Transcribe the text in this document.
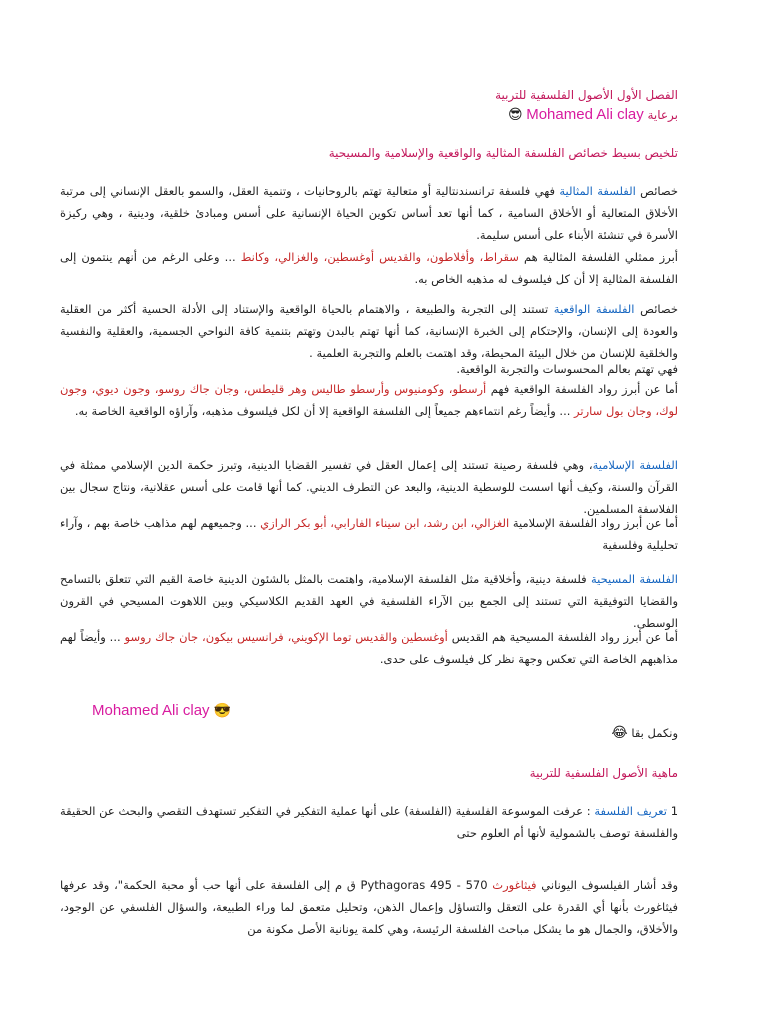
الفصل الأول الأصول الفلسفية للتربية
برعاية Mohamed Ali clay 😎
تلخيص بسيط خصائص الفلسفة المثالية والواقعية والإسلامية والمسيحية
خصائص الفلسفة المثالية فهي فلسفة ترانسندنتالية أو متعالية تهتم بالروحانيات ، وتنمية العقل، والسمو بالعقل الإنساني إلى مرتبة الأخلاق المتعالية أو الأخلاق السامية ، كما أنها تعد أساس تكوين الحياة الإنسانية على أسس ومبادئ خلقية، ودينية ، وهي ركيزة الأسرة في تنشئة الأبناء على أسس سليمة.
أبرز ممثلي الفلسفة المثالية هم سقراط، وأفلاطون، والقديس أوغسطين، والغزالي، وكانط ... وعلى الرغم من أنهم ينتمون إلى الفلسفة المثالية إلا أن كل فيلسوف له مذهبه الخاص به.
خصائص الفلسفة الواقعية تستند إلى التجربة والطبيعة ، والاهتمام بالحياة الواقعية والإستناد إلى الأدلة الحسية أكثر من العقلية والعودة إلى الإنسان، والإحتكام إلى الخبرة الإنسانية، كما أنها تهتم بالبدن وتهتم بتنمية كافة النواحي الجسمية، والعقلية والنفسية والخلقية للإنسان من خلال البيئة المحيطة، وقد اهتمت بالعلم والتجربة العلمية .
فهي تهتم بعالم المحسوسات والتجربة الواقعية.
أما عن أبرز رواد الفلسفة الواقعية فهم أرسطو، وكومنيوس وأرسطو طاليس وهر قليطس، وجان جاك روسو، وجون ديوي، وجون لوك، وجان بول سارتر ... وأيضاً رغم انتماءهم جميعاً إلى الفلسفة الواقعية إلا أن لكل فيلسوف مذهبه، وآراؤه الواقعية الخاصة به.
الفلسفة الإسلامية، وهي فلسفة رصينة تستند إلى إعمال العقل في تفسير القضايا الدينية، وتبرز حكمة الدين الإسلامي ممثلة في القرآن والسنة، وكيف أنها اسست للوسطية الدينية، والبعد عن التطرف الديني. كما أنها قامت على أسس عقلانية، ونتاج سجال بين الفلاسفة المسلمين.
أما عن أبرز رواد الفلسفة الإسلامية الغزالي، ابن رشد، ابن سيناء الفارابي، أبو بكر الرازي ... وجميعهم لهم مذاهب خاصة بهم ، وآراء تحليلية وفلسفية
الفلسفة المسيحية فلسفة دينية، وأخلاقية مثل الفلسفة الإسلامية، واهتمت بالمثل بالشئون الدينية خاصة القيم التي تتعلق بالتسامح والقضايا التوفيقية التي تستند إلى الجمع بين الآراء الفلسفية في العهد القديم الكلاسيكي وبين اللاهوت المسيحي في القرون الوسطى.
أما عن أبرز رواد الفلسفة المسيحية هم القديس أوغسطين والقديس توما الإكويني، فرانسيس بيكون، جان جاك روسو ... وأيضاً لهم مذاهبهم الخاصة التي تعكس وجهة نظر كل فيلسوف على حدى.
Mohamed Ali clay 😎
ونكمل بقا 😂
ماهية الأصول الفلسفية للتربية
1 تعريف الفلسفة : عرفت الموسوعة الفلسفية (الفلسفة) على أنها عملية التفكير في التفكير تستهدف التقصي والبحث عن الحقيقة والفلسفة توصف بالشمولية لأنها أم العلوم حتى
وقد أشار الفيلسوف اليوناني فيثاغورث 570 - 495 Pythagoras ق م إلى الفلسفة على أنها حب أو محبة الحكمة"، وقد عرفها فيثاغورث بأنها أي القدرة على التعقل والتساؤل وإعمال الذهن، وتحليل متعمق لما وراء الطبيعة، والسؤال الفلسفي عن الوجود، والأخلاق، والجمال هو ما يشكل مباحث الفلسفة الرئيسة، وهي كلمة يونانية الأصل مكونة من
